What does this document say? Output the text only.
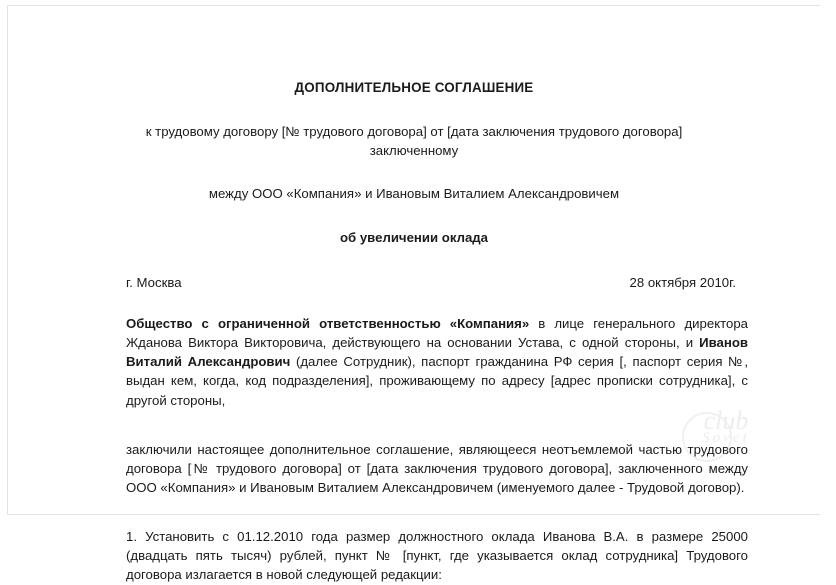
ДОПОЛНИТЕЛЬНОЕ СОГЛАШЕНИЕ
к трудовому договору [№ трудового договора] от [дата заключения трудового договора]
заключенному
между ООО «Компания» и Ивановым Виталием Александровичем
об увеличении оклада
г. Москва	28 октября 2010г.
Общество с ограниченной ответственностью «Компания» в лице генерального директора Жданова Виктора Викторовича, действующего на основании Устава, с одной стороны, и Иванов Виталий Александрович (далее Сотрудник), паспорт гражданина РФ серия [, паспорт серия №, выдан кем, когда, код подразделения], проживающему по адресу [адрес прописки сотрудника], с другой стороны,
заключили настоящее дополнительное соглашение, являющееся неотъемлемой частью трудового договора [№ трудового договора] от [дата заключения трудового договора], заключенного между ООО «Компания» и Ивановым Виталием Александровичем (именуемого далее - Трудовой договор).
1. Установить с 01.12.2010 года размер должностного оклада Иванова В.А. в размере 25000 (двадцать пять тысяч) рублей, пункт № [пункт, где указывается оклад сотрудника] Трудового договора излагается в новой следующей редакции:
club
Sovet
